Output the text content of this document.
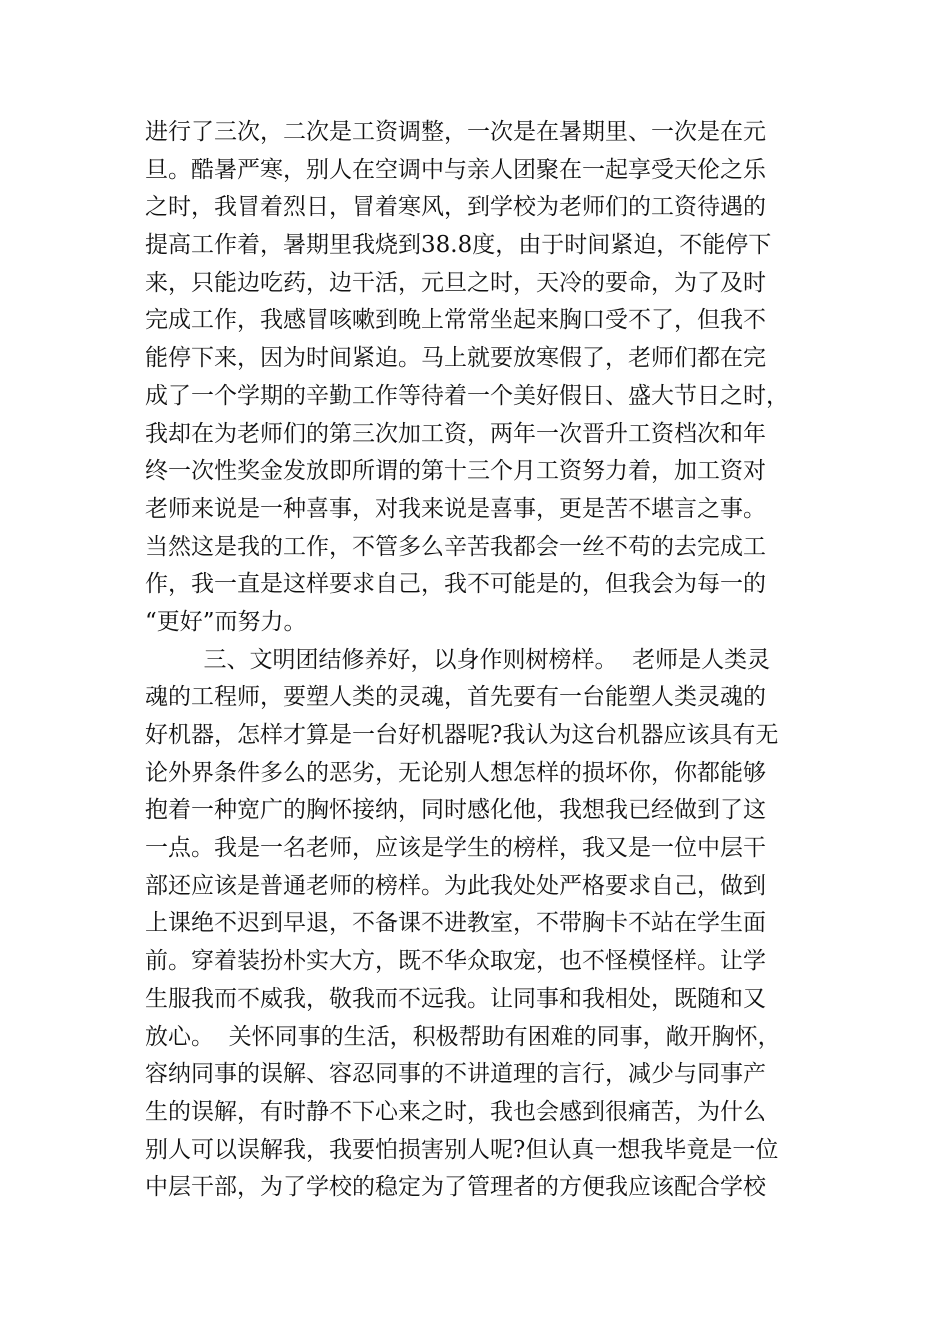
进行了三次，二次是工资调整，一次是在暑期里、一次是在元
旦。酷暑严寒，别人在空调中与亲人团聚在一起享受天伦之乐
之时，我冒着烈日，冒着寒风，到学校为老师们的工资待遇的
提高工作着，暑期里我烧到38.8度，由于时间紧迫，不能停下
来，只能边吃药，边干活，元旦之时，天冷的要命，为了及时
完成工作，我感冒咳嗽到晚上常常坐起来胸口受不了，但我不
能停下来，因为时间紧迫。马上就要放寒假了，老师们都在完
成了一个学期的辛勤工作等待着一个美好假日、盛大节日之时，
我却在为老师们的第三次加工资，两年一次晋升工资档次和年
终一次性奖金发放即所谓的第十三个月工资努力着，加工资对
老师来说是一种喜事，对我来说是喜事，更是苦不堪言之事。
当然这是我的工作，不管多么辛苦我都会一丝不苟的去完成工
作，我一直是这样要求自己，我不可能是的，但我会为每一的
“更好”而努力。
三、文明团结修养好，以身作则树榜样。  老师是人类灵
魂的工程师，要塑人类的灵魂，首先要有一台能塑人类灵魂的
好机器，怎样才算是一台好机器呢?我认为这台机器应该具有无
论外界条件多么的恶劣，无论别人想怎样的损坏你，你都能够
抱着一种宽广的胸怀接纳，同时感化他，我想我已经做到了这
一点。我是一名老师，应该是学生的榜样，我又是一位中层干
部还应该是普通老师的榜样。为此我处处严格要求自己，做到
上课绝不迟到早退，不备课不进教室，不带胸卡不站在学生面
前。穿着装扮朴实大方，既不华众取宠，也不怪模怪样。让学
生服我而不威我，敬我而不远我。让同事和我相处，既随和又
放心。  关怀同事的生活，积极帮助有困难的同事，敞开胸怀，
容纳同事的误解、容忍同事的不讲道理的言行，减少与同事产
生的误解，有时静不下心来之时，我也会感到很痛苦，为什么
别人可以误解我，我要怕损害别人呢?但认真一想我毕竟是一位
中层干部，为了学校的稳定为了管理者的方便我应该配合学校
